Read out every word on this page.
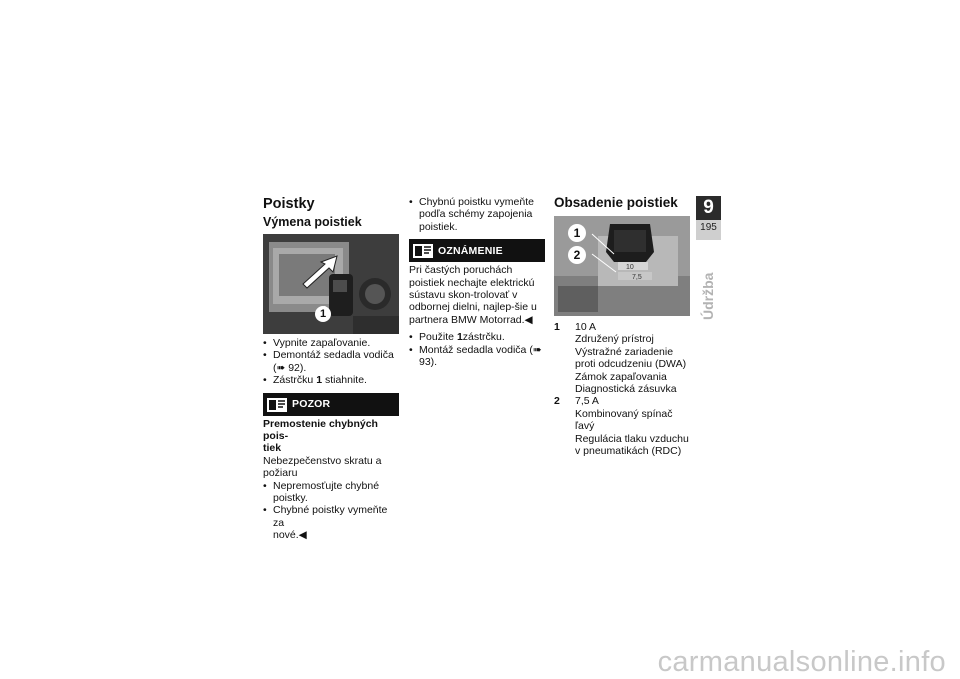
Poistky
Výmena poistiek
1
• Vypnite zapaľovanie.
• Demontáž sedadla vodiča
(➠ 92).
• Zástrčku 1 stiahnite.
POZOR
Premostenie chybných pois-
tiek
Nebezpečenstvo skratu a požiaru
• Nepremosťujte chybné poistky.
• Chybné poistky vymeňte za
nové.◀
• Chybnú poistku vymeňte podľa schémy zapojenia poistiek.
OZNÁMENIE
Pri častých poruchách poistiek nechajte elektrickú sústavu skon-trolovať v odbornej dielni, najlep-šie u partnera BMW Motorrad.◀
• Použite 1zástrčku.
• Montáž sedadla vodiča (➠ 93).
Obsadenie poistiek
10
7,5
1
2
1 10 A
Združený prístroj
Výstražné zariadenie proti odcudzeniu (DWA)
Zámok zapaľovania
Diagnostická zásuvka
2 7,5 A
Kombinovaný spínač ľavý
Regulácia tlaku vzduchu v pneumatikách (RDC)
9
195
Údržba
carmanualsonline.info
